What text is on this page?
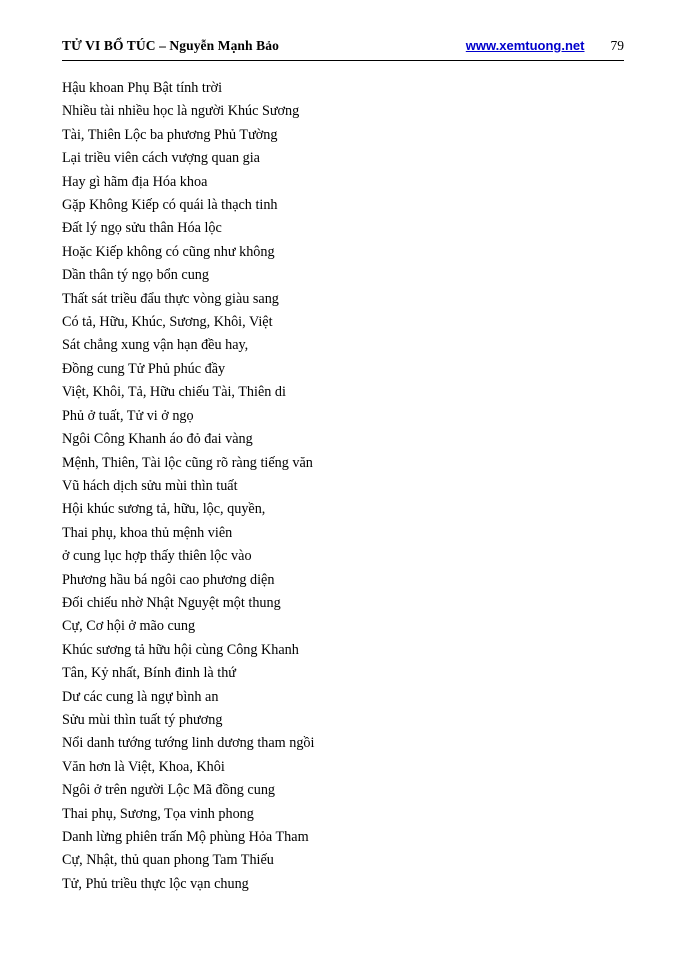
TỬ VI BỔ TÚC – Nguyễn Mạnh Bảo	www.xemtuong.net 79
Hậu khoan Phụ Bật tính trời
Nhiều tài nhiều học là người Khúc Sương
Tài, Thiên Lộc ba phương Phủ Tường
Lại triều viên cách vượng quan gia
Hay gì hãm địa Hóa khoa
Gặp Không Kiếp có quái là thạch tinh
Đất lý ngọ sửu thân Hóa lộc
Hoặc Kiếp không có cũng như không
Dần thân tý ngọ bổn cung
Thất sát triều đẩu thực vòng giàu sang
Có tả, Hữu, Khúc, Sương, Khôi, Việt
Sát chẳng xung vận hạn đều hay,
Đồng cung Tử Phủ phúc đầy
Việt, Khôi, Tả, Hữu chiếu Tài, Thiên di
Phủ ở tuất, Tử vi ở ngọ
Ngôi Công Khanh áo đỏ đai vàng
Mệnh, Thiên, Tài lộc cũng rõ ràng tiếng văn
Vũ hách dịch sửu mùi thìn tuất
Hội khúc sương tả, hữu, lộc, quyền,
Thai phụ, khoa thủ mệnh viên
ở cung lục hợp thấy thiên lộc vào
Phương hầu bá ngôi cao phương diện
Đối chiếu nhờ Nhật Nguyệt một thung
Cự, Cơ hội ở mão cung
Khúc sương tả hữu hội cùng Công Khanh
Tân, Kỷ nhất, Bính đinh là thứ
Dư các cung là ngự bình an
Sửu mùi thìn tuất tý phương
Nổi danh tướng tướng linh dương tham ngồi
Văn hơn là Việt, Khoa, Khôi
Ngôi ở trên người Lộc Mã đồng cung
Thai phụ, Sương, Tọa vinh phong
Danh lừng phiên trấn Mộ phùng Hỏa Tham
Cự, Nhật, thủ quan phong Tam Thiếu
Tử, Phủ triều thực lộc vạn chung
